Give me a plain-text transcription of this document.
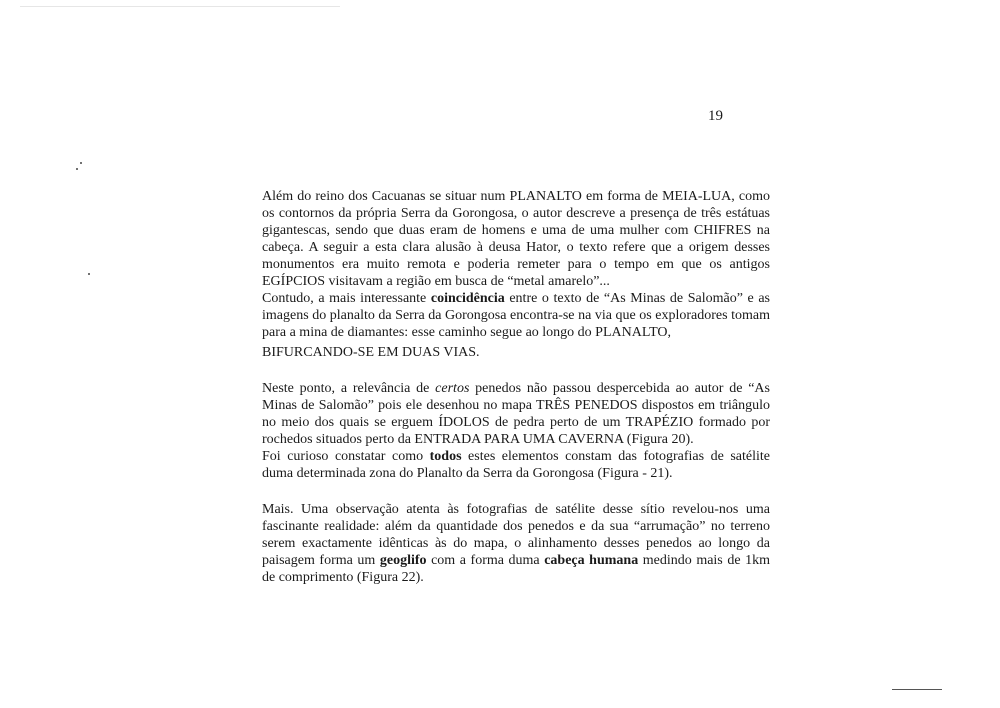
19

Além do reino dos Cacuanas se situar num PLANALTO em forma de MEIA-LUA, como os contornos da própria Serra da Gorongosa, o autor descreve a presença de três estátuas gigantescas, sendo que duas eram de homens e uma de uma mulher com CHIFRES na cabeça. A seguir a esta clara alusão à deusa Hator, o texto refere que a origem desses monumentos era muito remota e poderia remeter para o tempo em que os antigos EGÍPCIOS visitavam a região em busca de “metal amarelo”...

Contudo, a mais interessante coincidência entre o texto de “As Minas de Salomão” e as imagens do planalto da Serra da Gorongosa encontra-se na via que os exploradores tomam para a mina de diamantes: esse caminho segue ao longo do PLANALTO,

BIFURCANDO-SE EM DUAS VIAS.

Neste ponto, a relevância de certos penedos não passou despercebida ao autor de “As Minas de Salomão” pois ele desenhou no mapa TRÊS PENEDOS dispostos em triângulo no meio dos quais se erguem ÍDOLOS de pedra perto de um TRAPÉZIO formado por rochedos situados perto da ENTRADA PARA UMA CAVERNA (Figura 20).

Foi curioso constatar como todos estes elementos constam das fotografias de satélite duma determinada zona do Planalto da Serra da Gorongosa (Figura - 21).

Mais. Uma observação atenta às fotografias de satélite desse sítio revelou-nos uma fascinante realidade: além da quantidade dos penedos e da sua “arrumação” no terreno serem exactamente idênticas às do mapa, o alinhamento desses penedos ao longo da paisagem forma um geoglifo com a forma duma cabeça humana medindo mais de 1km de comprimento (Figura 22).
